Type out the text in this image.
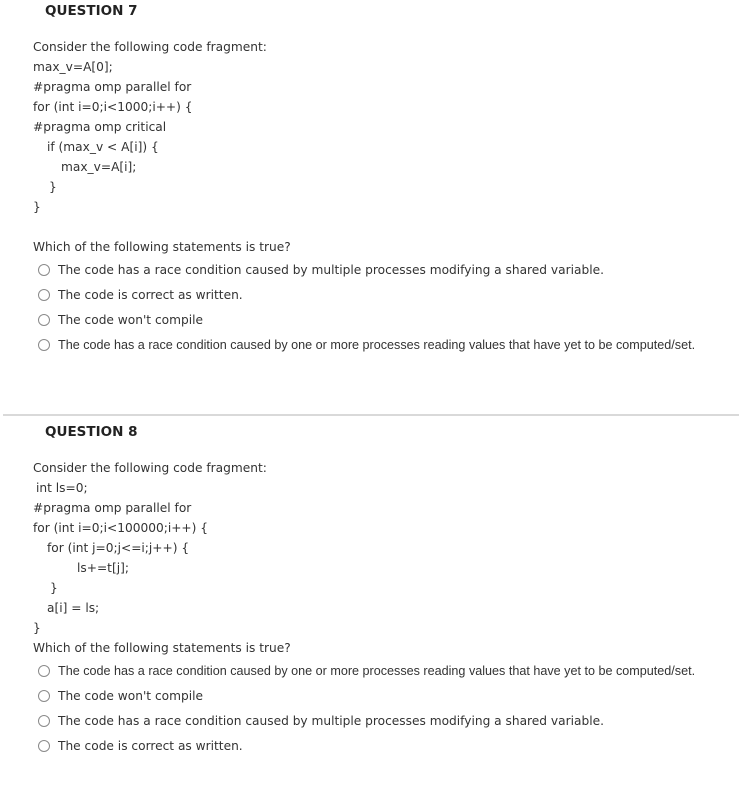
QUESTION 7
Consider the following code fragment:
max_v=A[0];
#pragma omp parallel for
for (int i=0;i<1000;i++) {
#pragma omp critical
if (max_v < A[i]) {
max_v=A[i];
}
}
Which of the following statements is true?
The code has a race condition caused by multiple processes modifying a shared variable.
The code is correct as written.
The code won't compile
The code has a race condition caused by one or more processes reading values that have yet to be computed/set.
QUESTION 8
Consider the following code fragment:
int ls=0;
#pragma omp parallel for
for (int i=0;i<100000;i++) {
for (int j=0;j<=i;j++) {
ls+=t[j];
}
a[i] = ls;
}
Which of the following statements is true?
The code has a race condition caused by one or more processes reading values that have yet to be computed/set.
The code won't compile
The code has a race condition caused by multiple processes modifying a shared variable.
The code is correct as written.
